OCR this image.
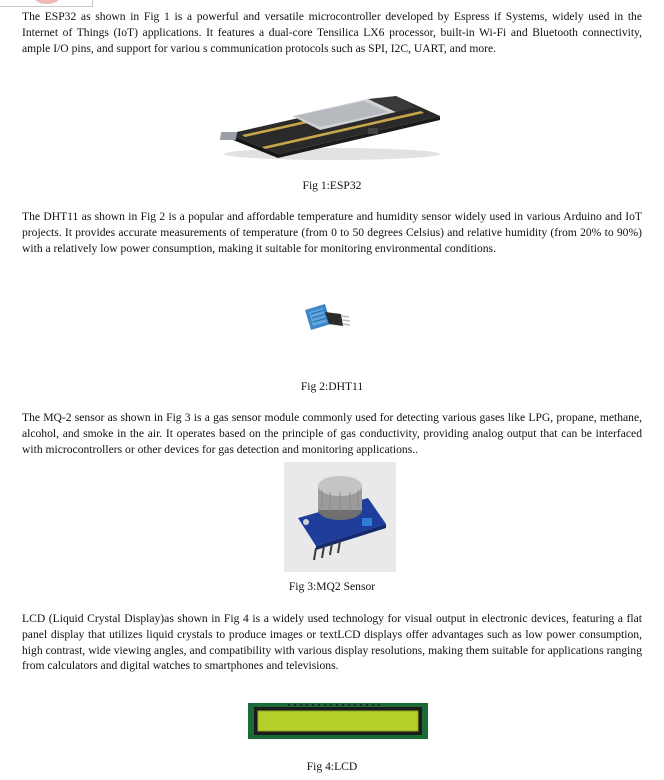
The ESP32 as shown in Fig 1 is a powerful and versatile microcontroller developed by Espress if Systems, widely used in the Internet of Things (IoT) applications. It features a dual-core Tensilica LX6 processor, built-in Wi-Fi and Bluetooth connectivity, ample I/O pins, and support for variou s communication protocols such as SPI, I2C, UART, and more.

Fig 1:ESP32

The DHT11 as shown in Fig 2 is a popular and affordable temperature and humidity sensor widely used in various Arduino and IoT projects. It provides accurate measurements of temperature (from 0 to 50 degrees Celsius) and relative humidity (from 20% to 90%) with a relatively low power consumption, making it suitable for monitoring environmental conditions.

Fig 2:DHT11

The MQ-2 sensor as shown in Fig 3 is a gas sensor module commonly used for detecting various gases like LPG, propane, methane, alcohol, and smoke in the air. It operates based on the principle of gas conductivity, providing analog output that can be interfaced with microcontrollers or other devices for gas detection and monitoring applications..

Fig 3:MQ2 Sensor

LCD (Liquid Crystal Display)as shown in Fig 4 is a widely used technology for visual output in electronic devices, featuring a flat panel display that utilizes liquid crystals to produce images or textLCD displays offer advantages such as low power consumption, high contrast, wide viewing angles, and compatibility with various display resolutions, making them suitable for applications ranging from calculators and digital watches to smartphones and televisions.

Fig 4:LCD
